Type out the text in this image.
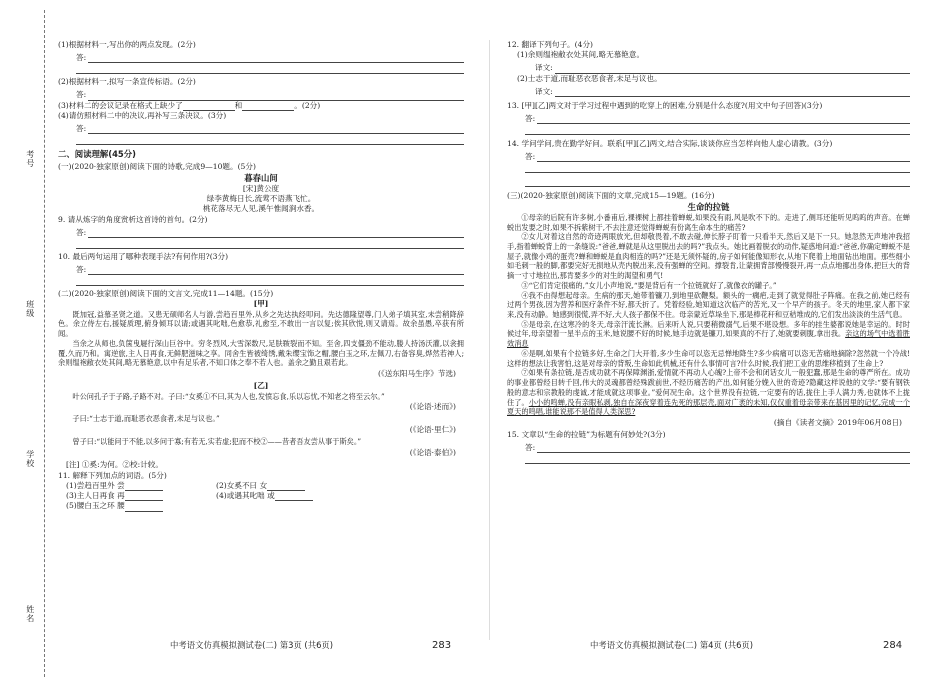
考号
班级
学校
姓名

(1)根据材料一,写出你的两点发现。(2分)

答:

(2)根据材料一,拟写一条宣传标语。(2分)

答:

(3)材料二的会议记录在格式上缺少了	和	。(2分)

(4)请仿照材料二中的决议,再补写三条决议。(3分)

答:
二、阅读理解(45分)

(一)(2020·独家原创)阅读下面的诗歌,完成9—10题。(5分)

暮春山间
[宋]黄公度
绿李黄梅日长,流莺不语燕飞忙。
桃花落尽无人见,溪午惟闻涧水香。

9. 请从炼字的角度赏析这首诗的首句。(2分)

答:

10. 最后两句运用了哪种表现手法?有何作用?(3分)

答:

(二)(2020·独家原创)阅读下面的文言文,完成11—14题。(15分)

[甲]

既加冠,益慕圣贤之道。又患无硕师名人与游,尝趋百里外,从乡之先达执经叩问。先达德隆望尊,门人弟子填其室,未尝稍降辞色。余立侍左右,援疑质理,俯身倾耳以请;或遇其叱咄,色愈恭,礼愈至,不敢出一言以复;俟其欣悦,则又请焉。故余虽愚,卒获有所闻。

当余之从师也,负箧曳屣行深山巨谷中。穷冬烈风,大雪深数尺,足肤皲裂而不知。至舍,四支僵劲不能动,媵人持汤沃灌,以衾拥覆,久而乃和。寓逆旅,主人日再食,无鲜肥滋味之享。同舍生皆被绮绣,戴朱缨宝饰之帽,腰白玉之环,左佩刀,右备容臭,烨然若神人;余则缊袍敝衣处其间,略无慕艳意,以中有足乐者,不知口体之奉不若人也。盖余之勤且艰若此。

(《送东阳马生序》节选)
[乙]

叶公问孔子于子路,子路不对。子曰:“女奚①不曰,其为人也,发愤忘食,乐以忘忧,不知老之将至云尔。”

(《论语·述而》)

子曰:“士志于道,而耻恶衣恶食者,未足与议也。”

(《论语·里仁》)

曾子曰:“以能问于不能,以多问于寡;有若无,实若虚;犯而不校②——昔者吾友尝从事于斯矣。”

(《论语·泰伯》)

[注] ①奚:为何。②校:计较。

11. 解释下列加点的词语。(5分)

(1)尝趋百里外 尝	(2)女奚不曰 女
(3)主人日再食 再	(4)或遇其叱咄 或
(5)腰白玉之环 腰
中考语文仿真模拟测试卷(二) 第3页 (共6页)	283

12. 翻译下列句子。(4分)

(1)余则缊袍敝衣处其间,略无慕艳意。

译文:

(2)士志于道,而耻恶衣恶食者,未足与议也。

译文:

13. [甲][乙]两文对于学习过程中遇到的吃穿上的困难,分别是什么态度?(用文中句子回答)(3分)

答:

14. 学问学问,贵在勤学好问。联系[甲][乙]两文,结合实际,谈谈你应当怎样向他人虚心请教。(3分)

答:

(三)(2020·独家原创)阅读下面的文章,完成15—19题。(16分)

生命的拉链

①母亲的后院有许多树,小番甫后,裸裸树上都挂着蝉蜕,如果没有雨,风是吹不下的。走进了,侧耳还能听见呜呜的声音。在蝉蜕出发要之时,如果不拆紫树干,不去注意还觉得蝉蜕有份离生命本生的痛苦?

②女儿对着这自然的奇迹两眼放光,但却敬畏着,不敢去碰,伸长脖子盯着一只看半天,然后又是下一只。她忽然无声地冲我招手,指着蝉蜕背上的一条缝说:“爸爸,蝉就是从这里脱出去的吗?”我点头。她比画着脱衣的动作,疑惑地问道:“爸爸,你确定蝉蜕不是屋子,就像小鸡的蛋壳?蝉和蝉蜕是血肉相连的吗?”还是无须怀疑的,房子如何能像知形衣,从地下爬着上地面钻出地面。那些细小如毛刺一般的脚,都要完好无损地从壳内脱出来,没有强蝉的空间。撑裂肯,让蒙拥背部慢慢裂开,再一点点地挪出身体,把巨大的背摘一寸寸地拉出,那肯要多少的对生的渴望和勇气!

③“它们肯定很痛的,”女儿小声地说,“要是背后有一个拉链就好了,就像衣的罐子。”

④我不由得想起母亲。生病的那天,她带着镰刀,到地里砍鞭梨。额头的一瘸疤,走到了就觉得肚子阵痛。在我之前,她已经有过两个男孩,因为营养和医疗条件不好,都夭折了。凭着经验,她知道这次临产的苦光,又一个早产的孩子。冬天的地里,家人都下家来,没有动静。她感到很慌,弄不好,大人孩子都保不住。母亲蒙近草垛坐下,那是棒花秆和豆秸堆成的,它们发出淡淡的生活气息。

⑤是母亲,在这寒冷的冬天,母亲汗流长淋。后来听人说,只要稍微溺气,后果不堪设想。多年的挂生婆都说她是幸运的。时时候过年,母亲望着一星半点的玉米,她说腰不好的时候,她手边就是镰刀,如果真的不行了,她就要刺腹,拿出我。亲这的场气中选着胜效消息

⑥是啊,如果有个拉链多好,生命之门大开着,多少生命可以恣无忌惮地降生?多少病痛可以恣无苦痛地摘除?忽然就一个冷战!这样的想法让我害怕,这是对母亲的背叛,生命如此机械,还有什么事情可言?什么时候,我们把工业的思维移植到了生命上?

⑦如果有条拉链,是否成功就不再保障渊浙,爱情就不再动人心魄?上帝不会和闭话女儿一般犯蠢,那是生命的尊严所在。成功的事业都曾经目转千回,伟大的灵魂都曾经殊跋前世,不经历痛苦的产出,如何能分娩入世的奇迹?隐藏这样说他的文学:“要有钢铁般的意志和宗教般的虔诚,才能成就这项事业。”爱何况生命。这个世界没有拉链,一定要有的话,拢住上手人满力秀,也就体不上拢住了。小小的鸣蝉,没有亲眼私剥,独自在深夜穿着连先死的那层壳,面对广袤的未知,仅仅重着母亲带来在基因里的记忆,完成一个夏天的鸣唱,谁能说那不是值得人类深思?

(摘自《读者文摘》2019年06月08日)

15. 文章以“生命的拉链”为标题有何妙处?(3分)

答:
中考语文仿真模拟测试卷(二) 第4页 (共6页)	284
